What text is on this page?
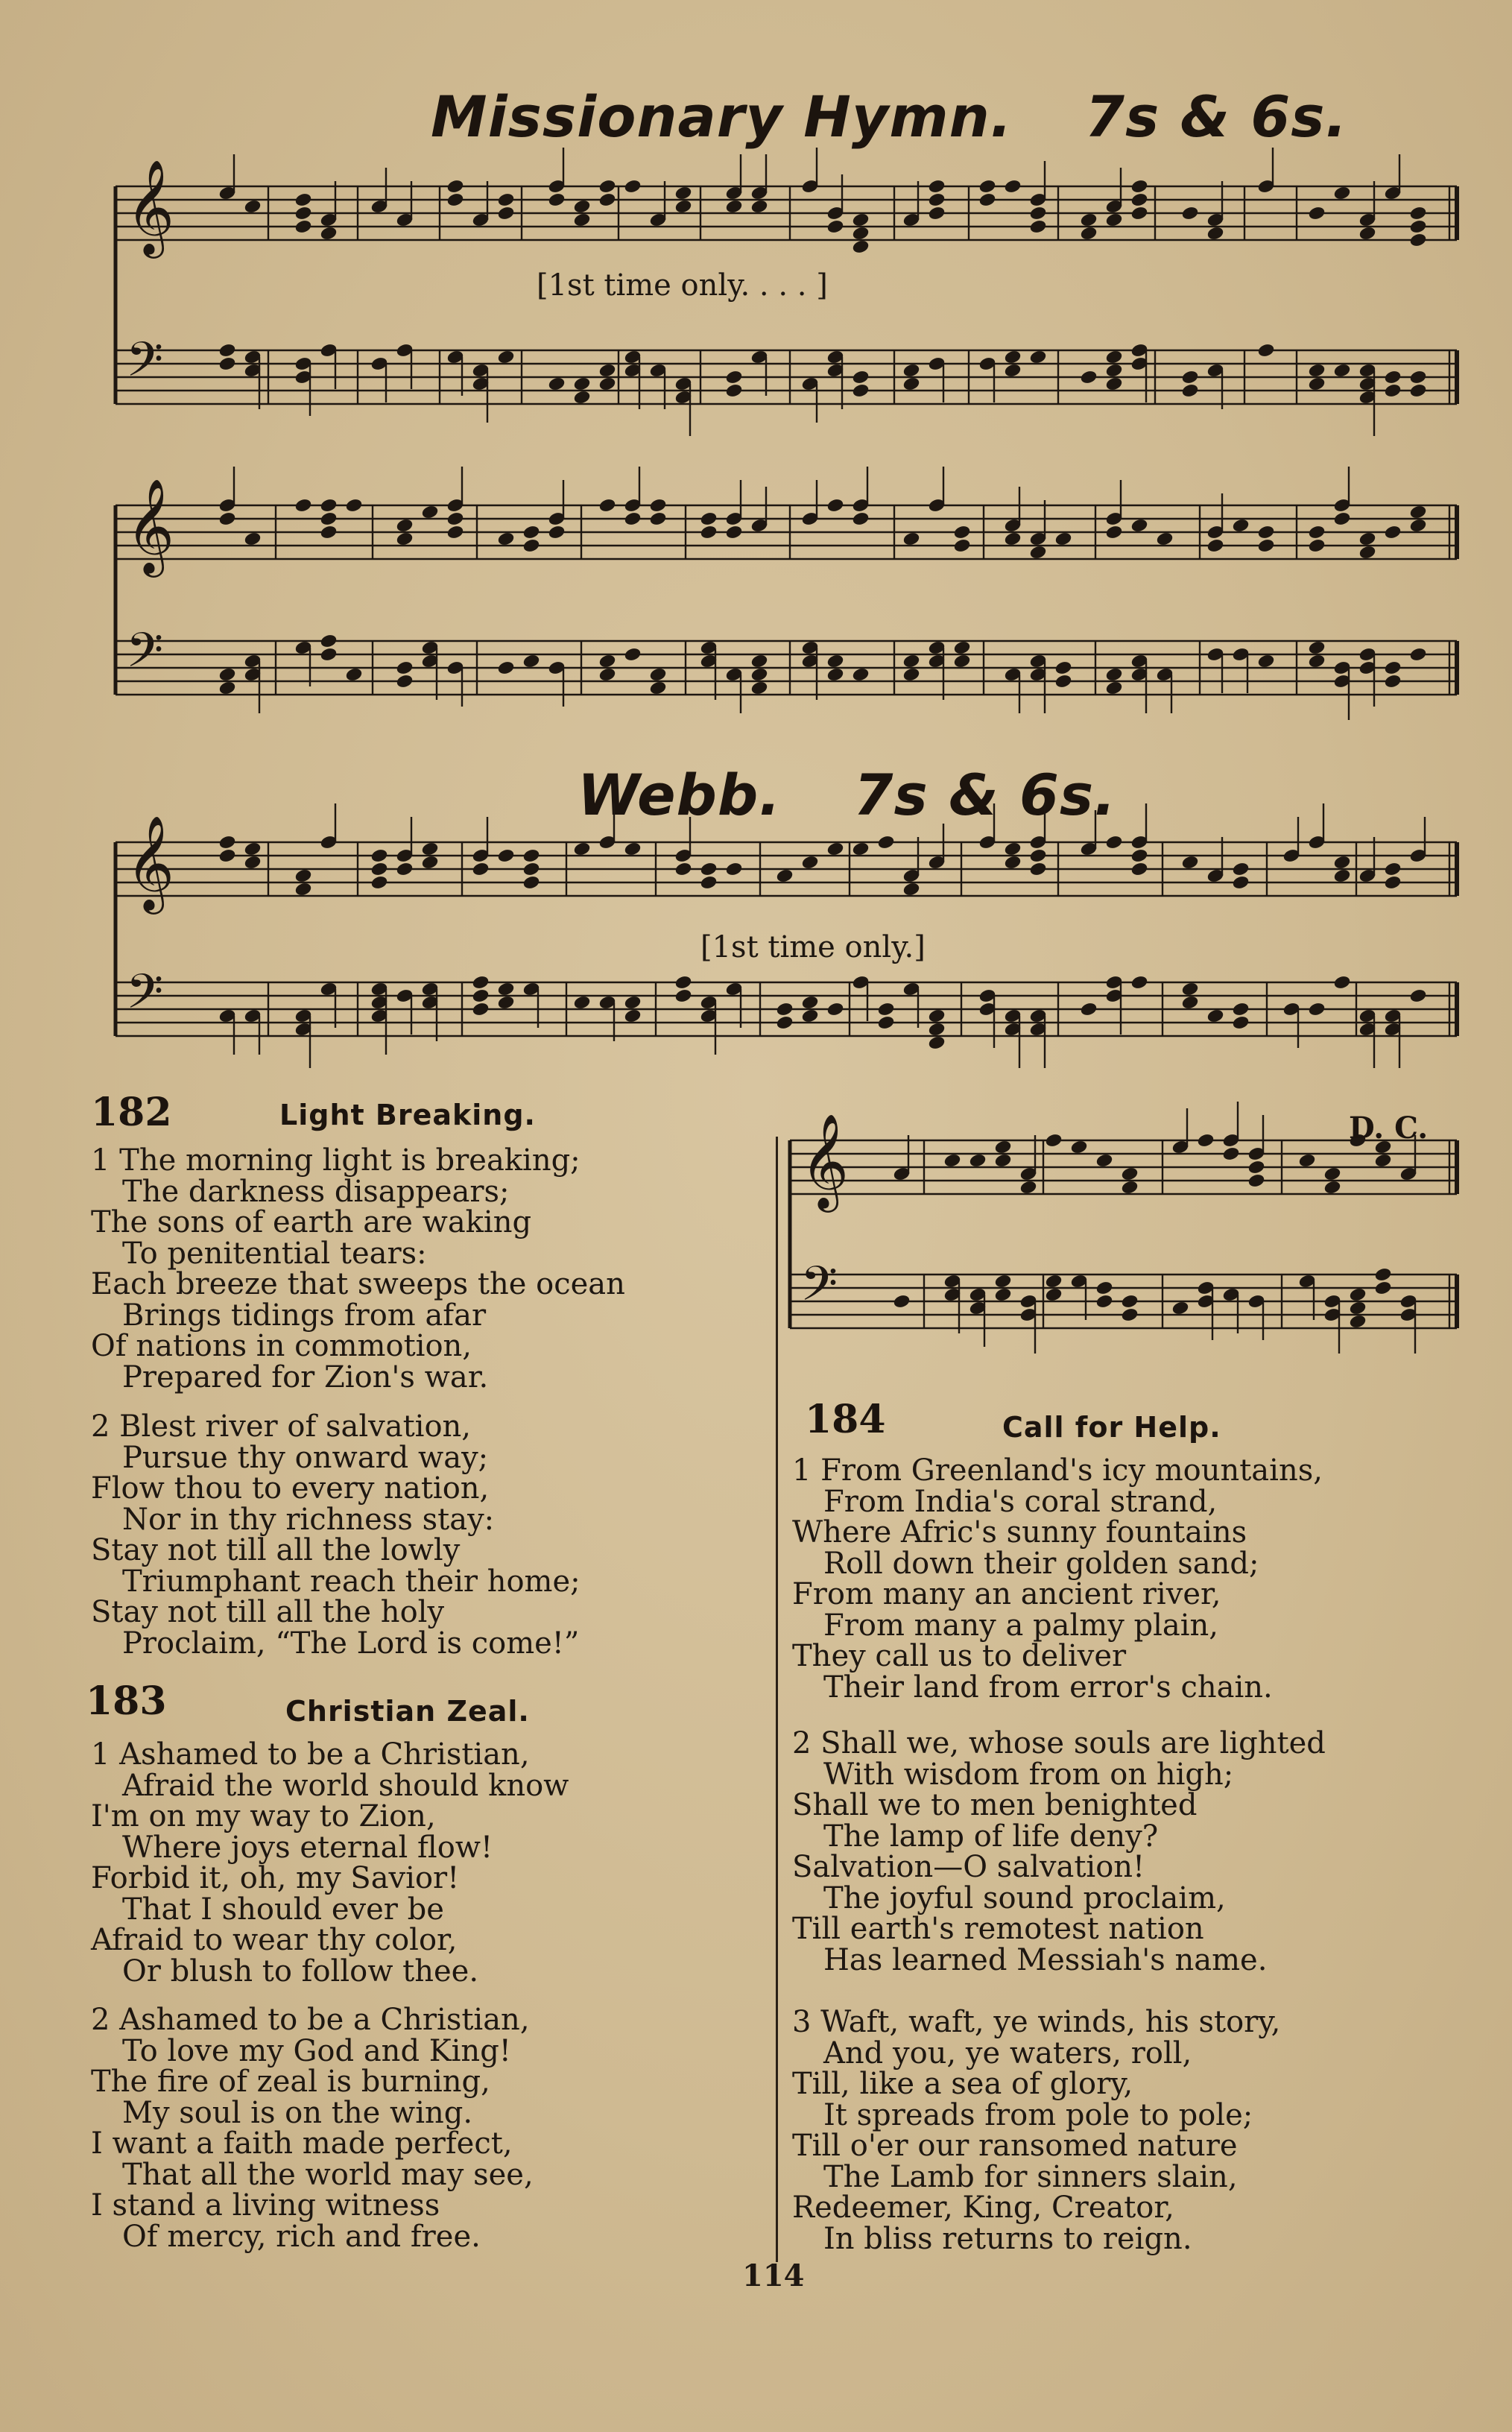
Missionary Hymn. 7s & 6s.
Webb. 7s & 6s.
𝄞
𝄢
𝄞
𝄢
𝄞
𝄢
𝄞
𝄢
[1st time only. . . . ]
[1st time only.]
D. C.
182	Light Breaking.
1 The morning light is breaking;
The darkness disappears;
The sons of earth are waking
To penitential tears:
Each breeze that sweeps the ocean
Brings tidings from afar
Of nations in commotion,
Prepared for Zion's war.
2 Blest river of salvation,
Pursue thy onward way;
Flow thou to every nation,
Nor in thy richness stay:
Stay not till all the lowly
Triumphant reach their home;
Stay not till all the holy
Proclaim, “The Lord is come!”
183	Christian Zeal.
1 Ashamed to be a Christian,
Afraid the world should know
I'm on my way to Zion,
Where joys eternal flow!
Forbid it, oh, my Savior!
That I should ever be
Afraid to wear thy color,
Or blush to follow thee.
2 Ashamed to be a Christian,
To love my God and King!
The fire of zeal is burning,
My soul is on the wing.
I want a faith made perfect,
That all the world may see,
I stand a living witness
Of mercy, rich and free.
184	Call for Help.
1 From Greenland's icy mountains,
From India's coral strand,
Where Afric's sunny fountains
Roll down their golden sand;
From many an ancient river,
From many a palmy plain,
They call us to deliver
Their land from error's chain.
2 Shall we, whose souls are lighted
With wisdom from on high;
Shall we to men benighted
The lamp of life deny?
Salvation—O salvation!
The joyful sound proclaim,
Till earth's remotest nation
Has learned Messiah's name.
3 Waft, waft, ye winds, his story,
And you, ye waters, roll,
Till, like a sea of glory,
It spreads from pole to pole;
Till o'er our ransomed nature
The Lamb for sinners slain,
Redeemer, King, Creator,
In bliss returns to reign.
114
